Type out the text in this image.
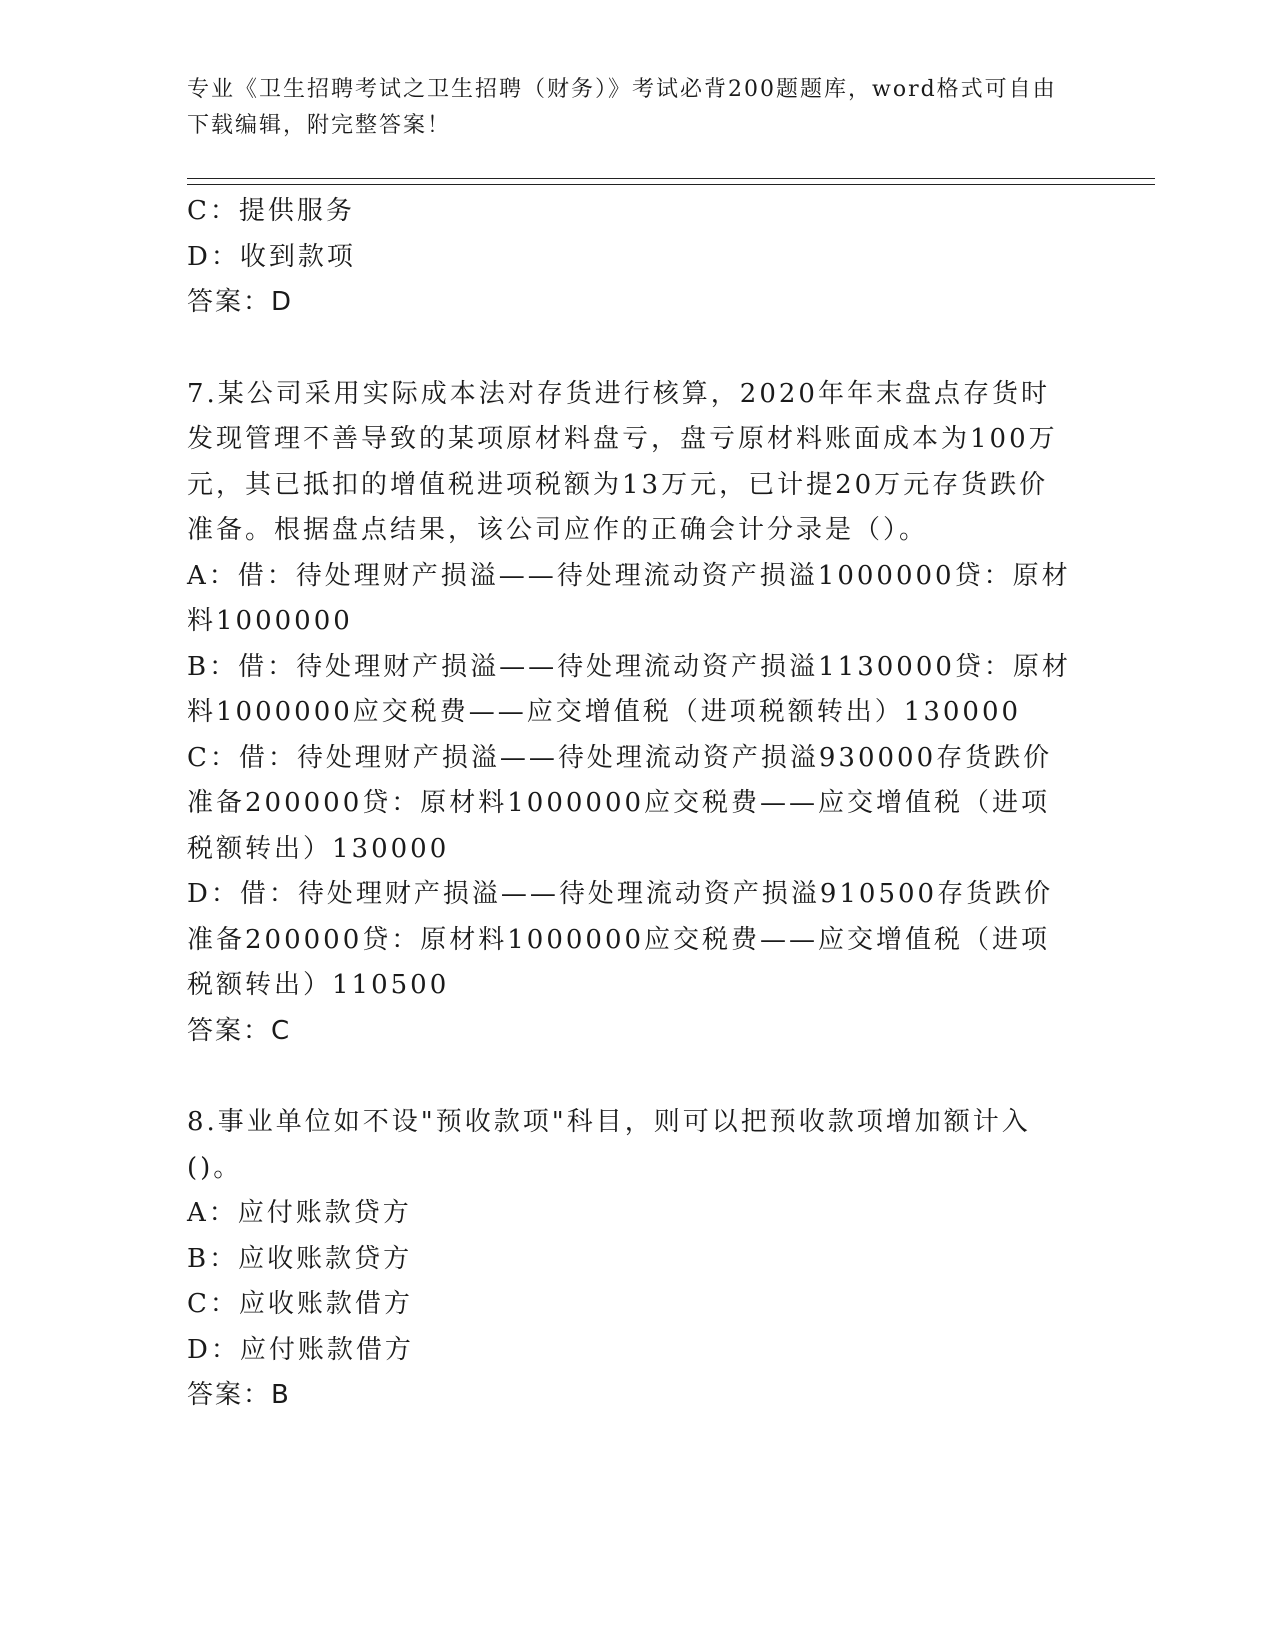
专业《卫生招聘考试之卫生招聘（财务）》考试必背200题题库，word格式可自由下载编辑，附完整答案！

C：提供服务

D：收到款项

答案：D

7.某公司采用实际成本法对存货进行核算，2020年年末盘点存货时发现管理不善导致的某项原材料盘亏，盘亏原材料账面成本为100万元，其已抵扣的增值税进项税额为13万元，已计提20万元存货跌价准备。根据盘点结果，该公司应作的正确会计分录是（）。

A：借：待处理财产损溢——待处理流动资产损溢1000000贷：原材料1000000

B：借：待处理财产损溢——待处理流动资产损溢1130000贷：原材料1000000应交税费——应交增值税（进项税额转出）130000

C：借：待处理财产损溢——待处理流动资产损溢930000存货跌价准备200000贷：原材料1000000应交税费——应交增值税（进项税额转出）130000

D：借：待处理财产损溢——待处理流动资产损溢910500存货跌价准备200000贷：原材料1000000应交税费——应交增值税（进项税额转出）110500

答案：C

8.事业单位如不设"预收款项"科目，则可以把预收款项增加额计入()。

A：应付账款贷方

B：应收账款贷方

C：应收账款借方

D：应付账款借方

答案：B
